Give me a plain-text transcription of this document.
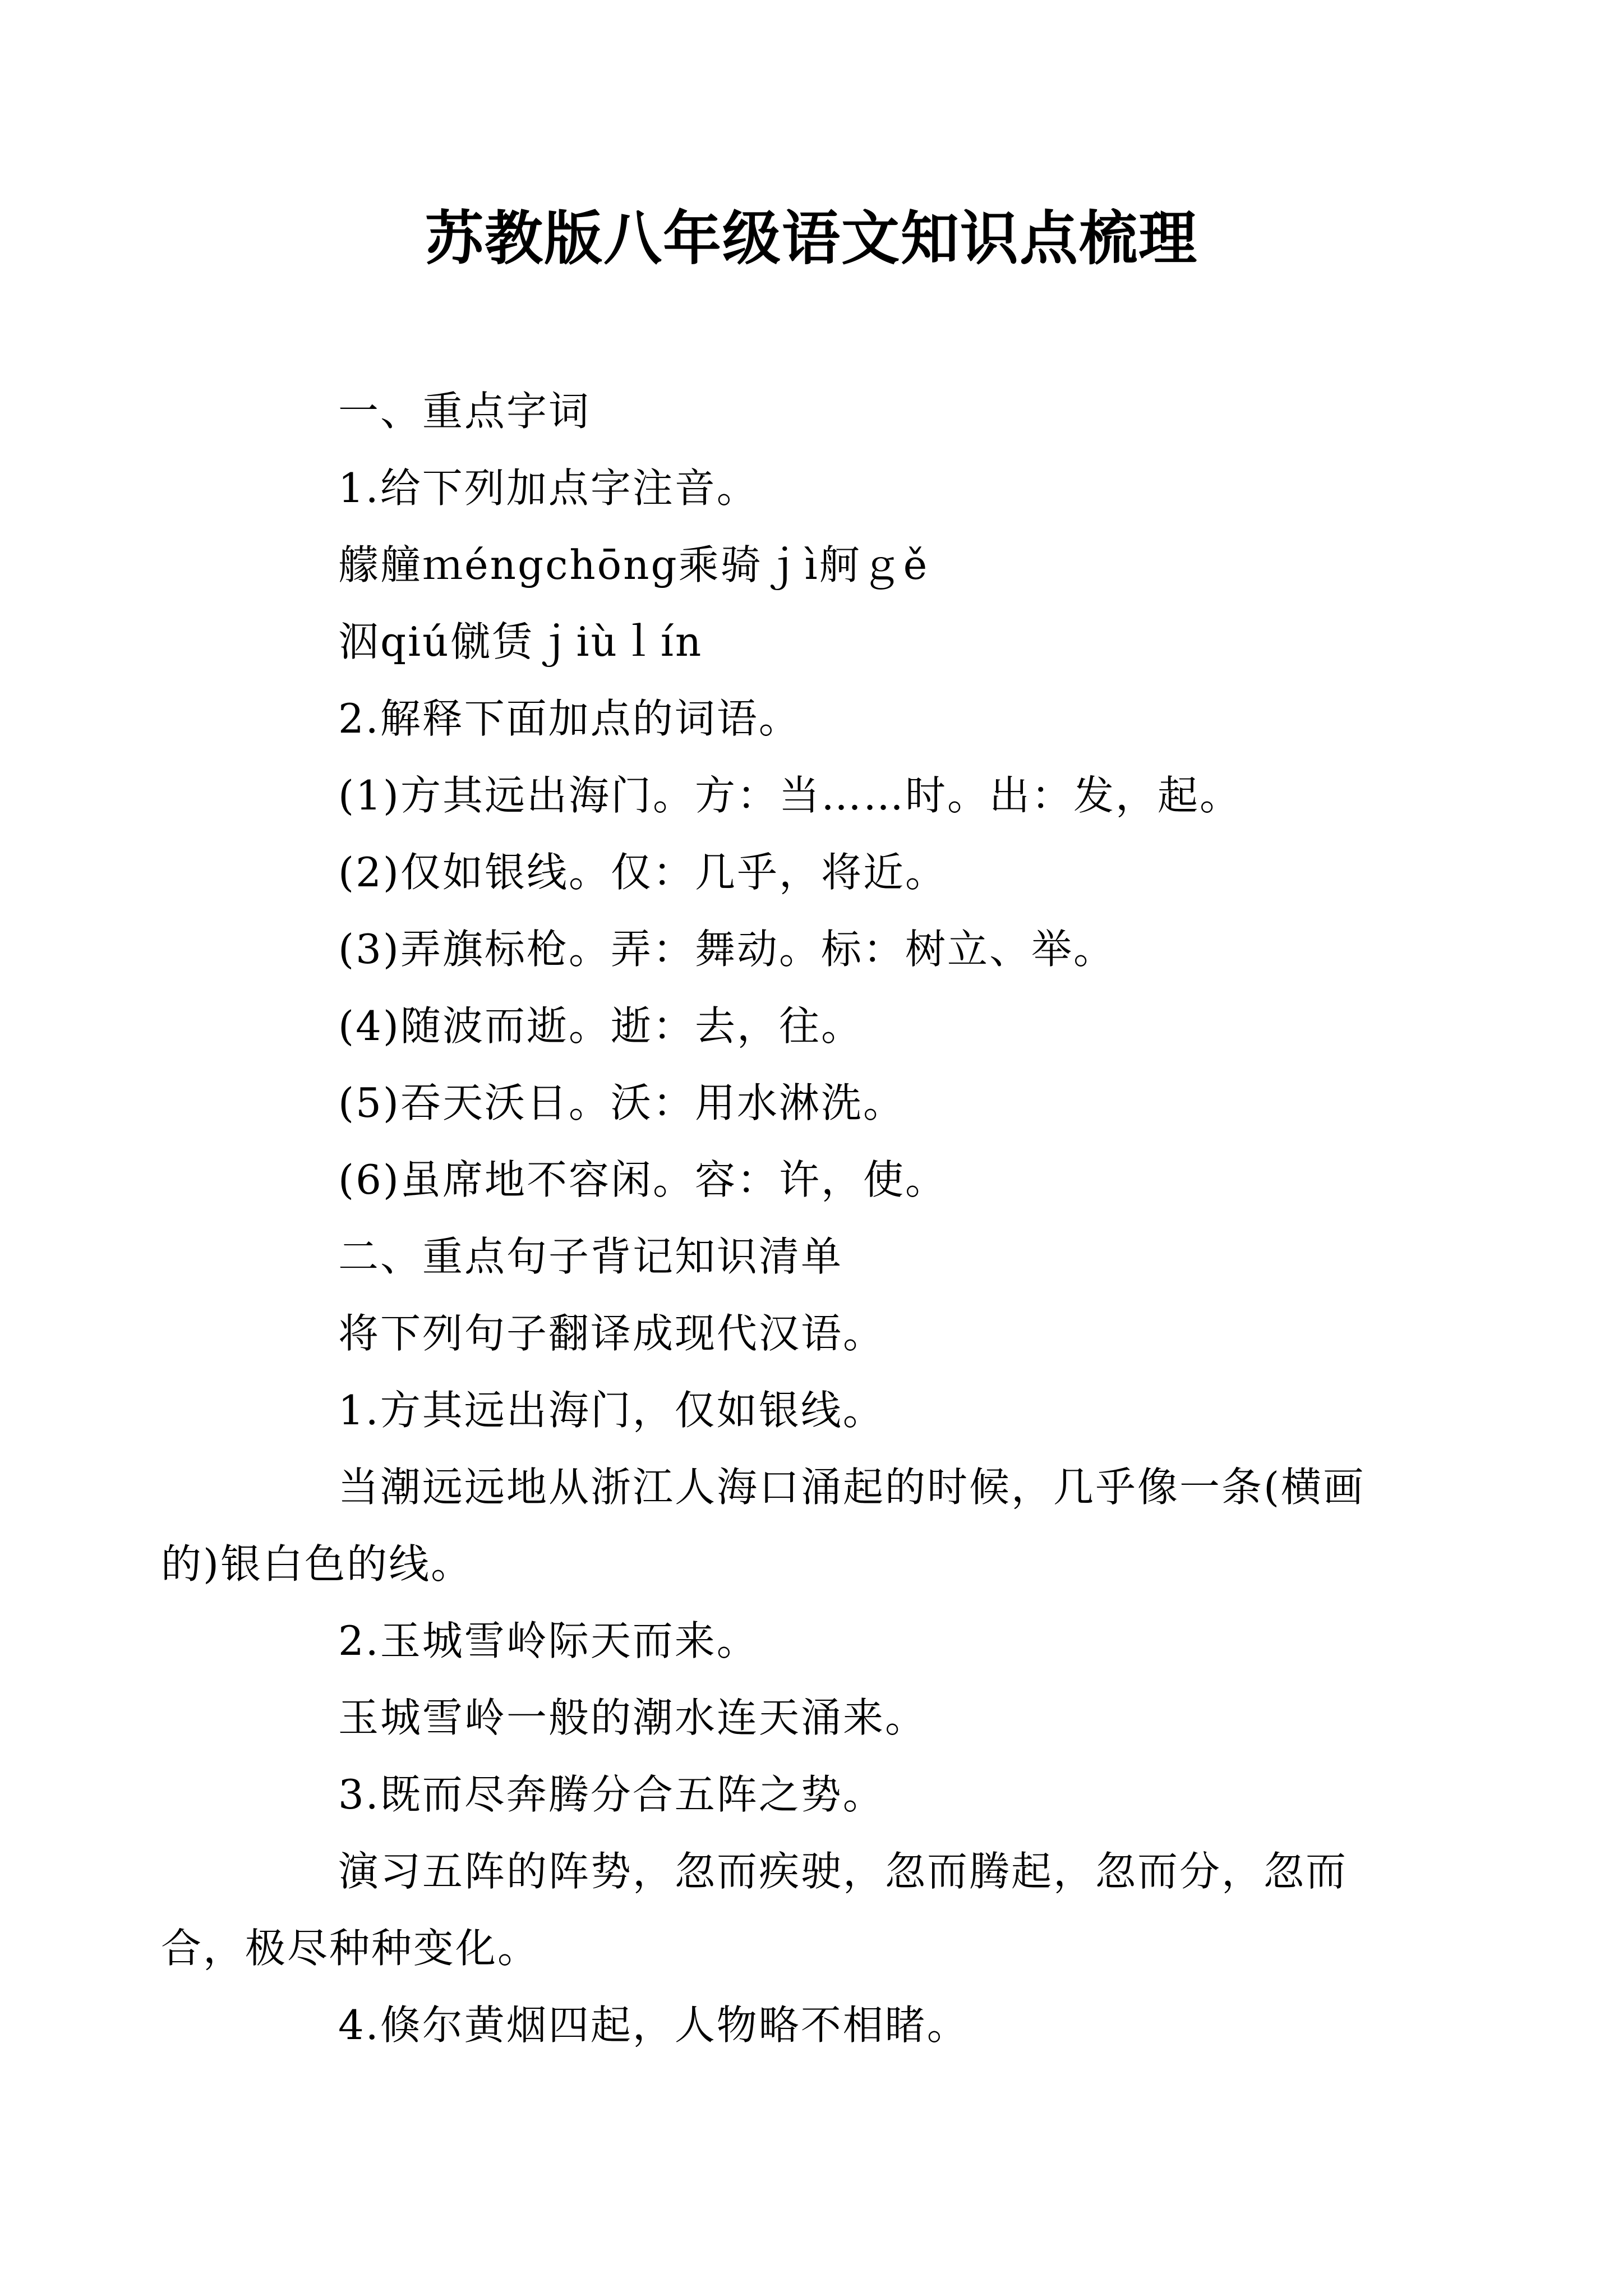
苏教版八年级语文知识点梳理

一、重点字词

1.给下列加点字注音。

艨艟ｍéngchōng乘骑ｊì舸ｇě

泅qiú僦赁ｊiùｌín

2.解释下面加点的词语。

(1)方其远出海门。方：当……时。出：发，起。

(2)仅如银线。仅：几乎，将近。

(3)弄旗标枪。弄：舞动。标：树立、举。

(4)随波而逝。逝：去，往。

(5)吞天沃日。沃：用水淋洗。

(6)虽席地不容闲。容：许，使。

二、重点句子背记知识清单

将下列句子翻译成现代汉语。

1.方其远出海门，仅如银线。

当潮远远地从浙江人海口涌起的时候，几乎像一条(横画的)银白色的线。

2.玉城雪岭际天而来。

玉城雪岭一般的潮水连天涌来。

3.既而尽奔腾分合五阵之势。

演习五阵的阵势，忽而疾驶，忽而腾起，忽而分，忽而合，极尽种种变化。

4.倏尔黄烟四起，人物略不相睹。
